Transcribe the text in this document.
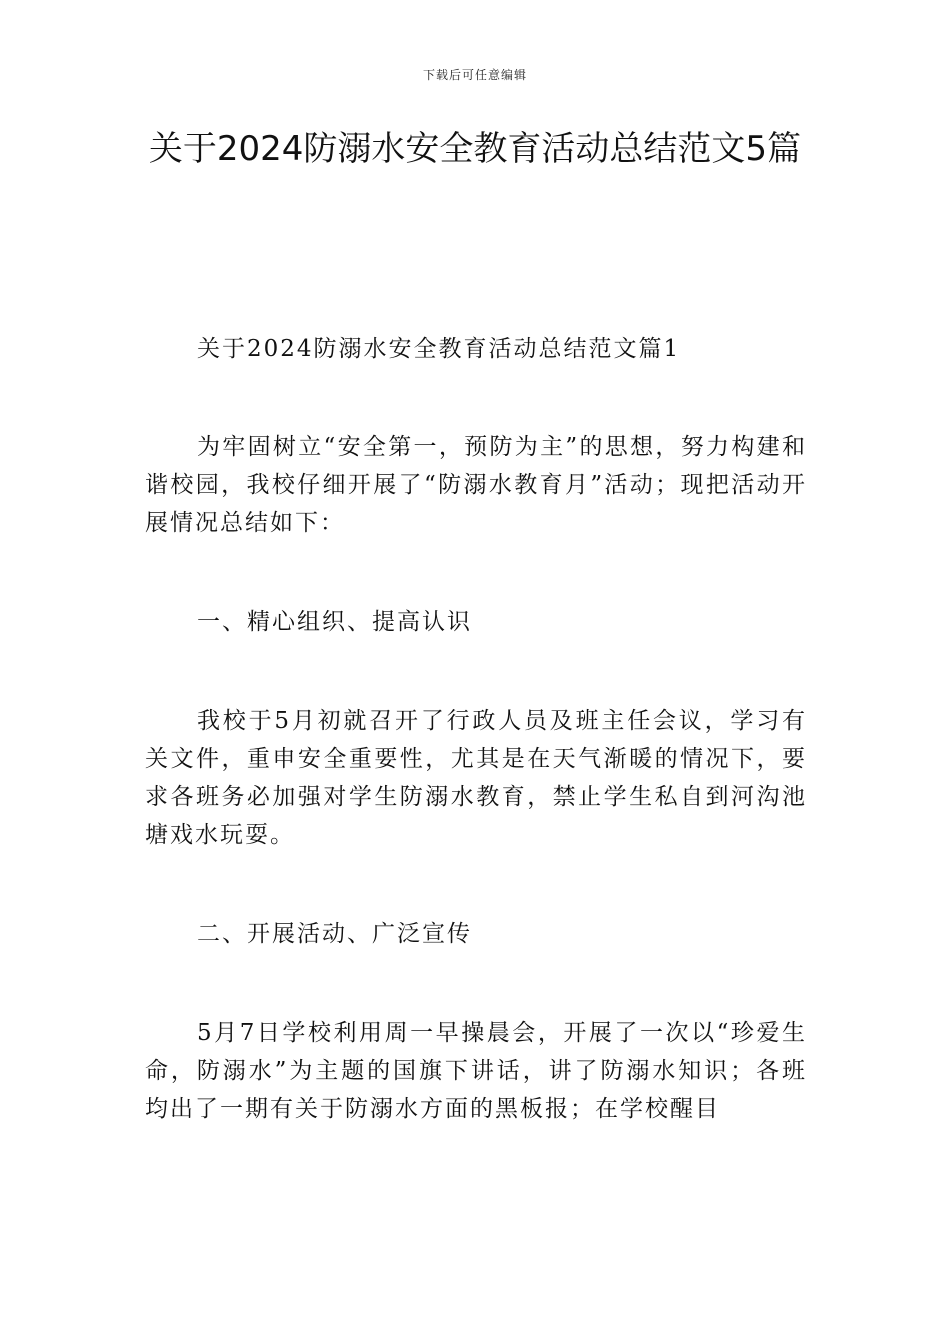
下载后可任意编辑
关于2024防溺水安全教育活动总结范文5篇

关于2024防溺水安全教育活动总结范文篇1

为牢固树立“安全第一，预防为主”的思想，努力构建和谐校园，我校仔细开展了“防溺水教育月”活动；现把活动开展情况总结如下：

一、精心组织、提高认识

我校于5月初就召开了行政人员及班主任会议，学习有关文件，重申安全重要性，尤其是在天气渐暖的情况下，要求各班务必加强对学生防溺水教育，禁止学生私自到河沟池塘戏水玩耍。

二、开展活动、广泛宣传

5月7日学校利用周一早操晨会，开展了一次以“珍爱生命，防溺水”为主题的国旗下讲话，讲了防溺水知识；各班均出了一期有关于防溺水方面的黑板报；在学校醒目
